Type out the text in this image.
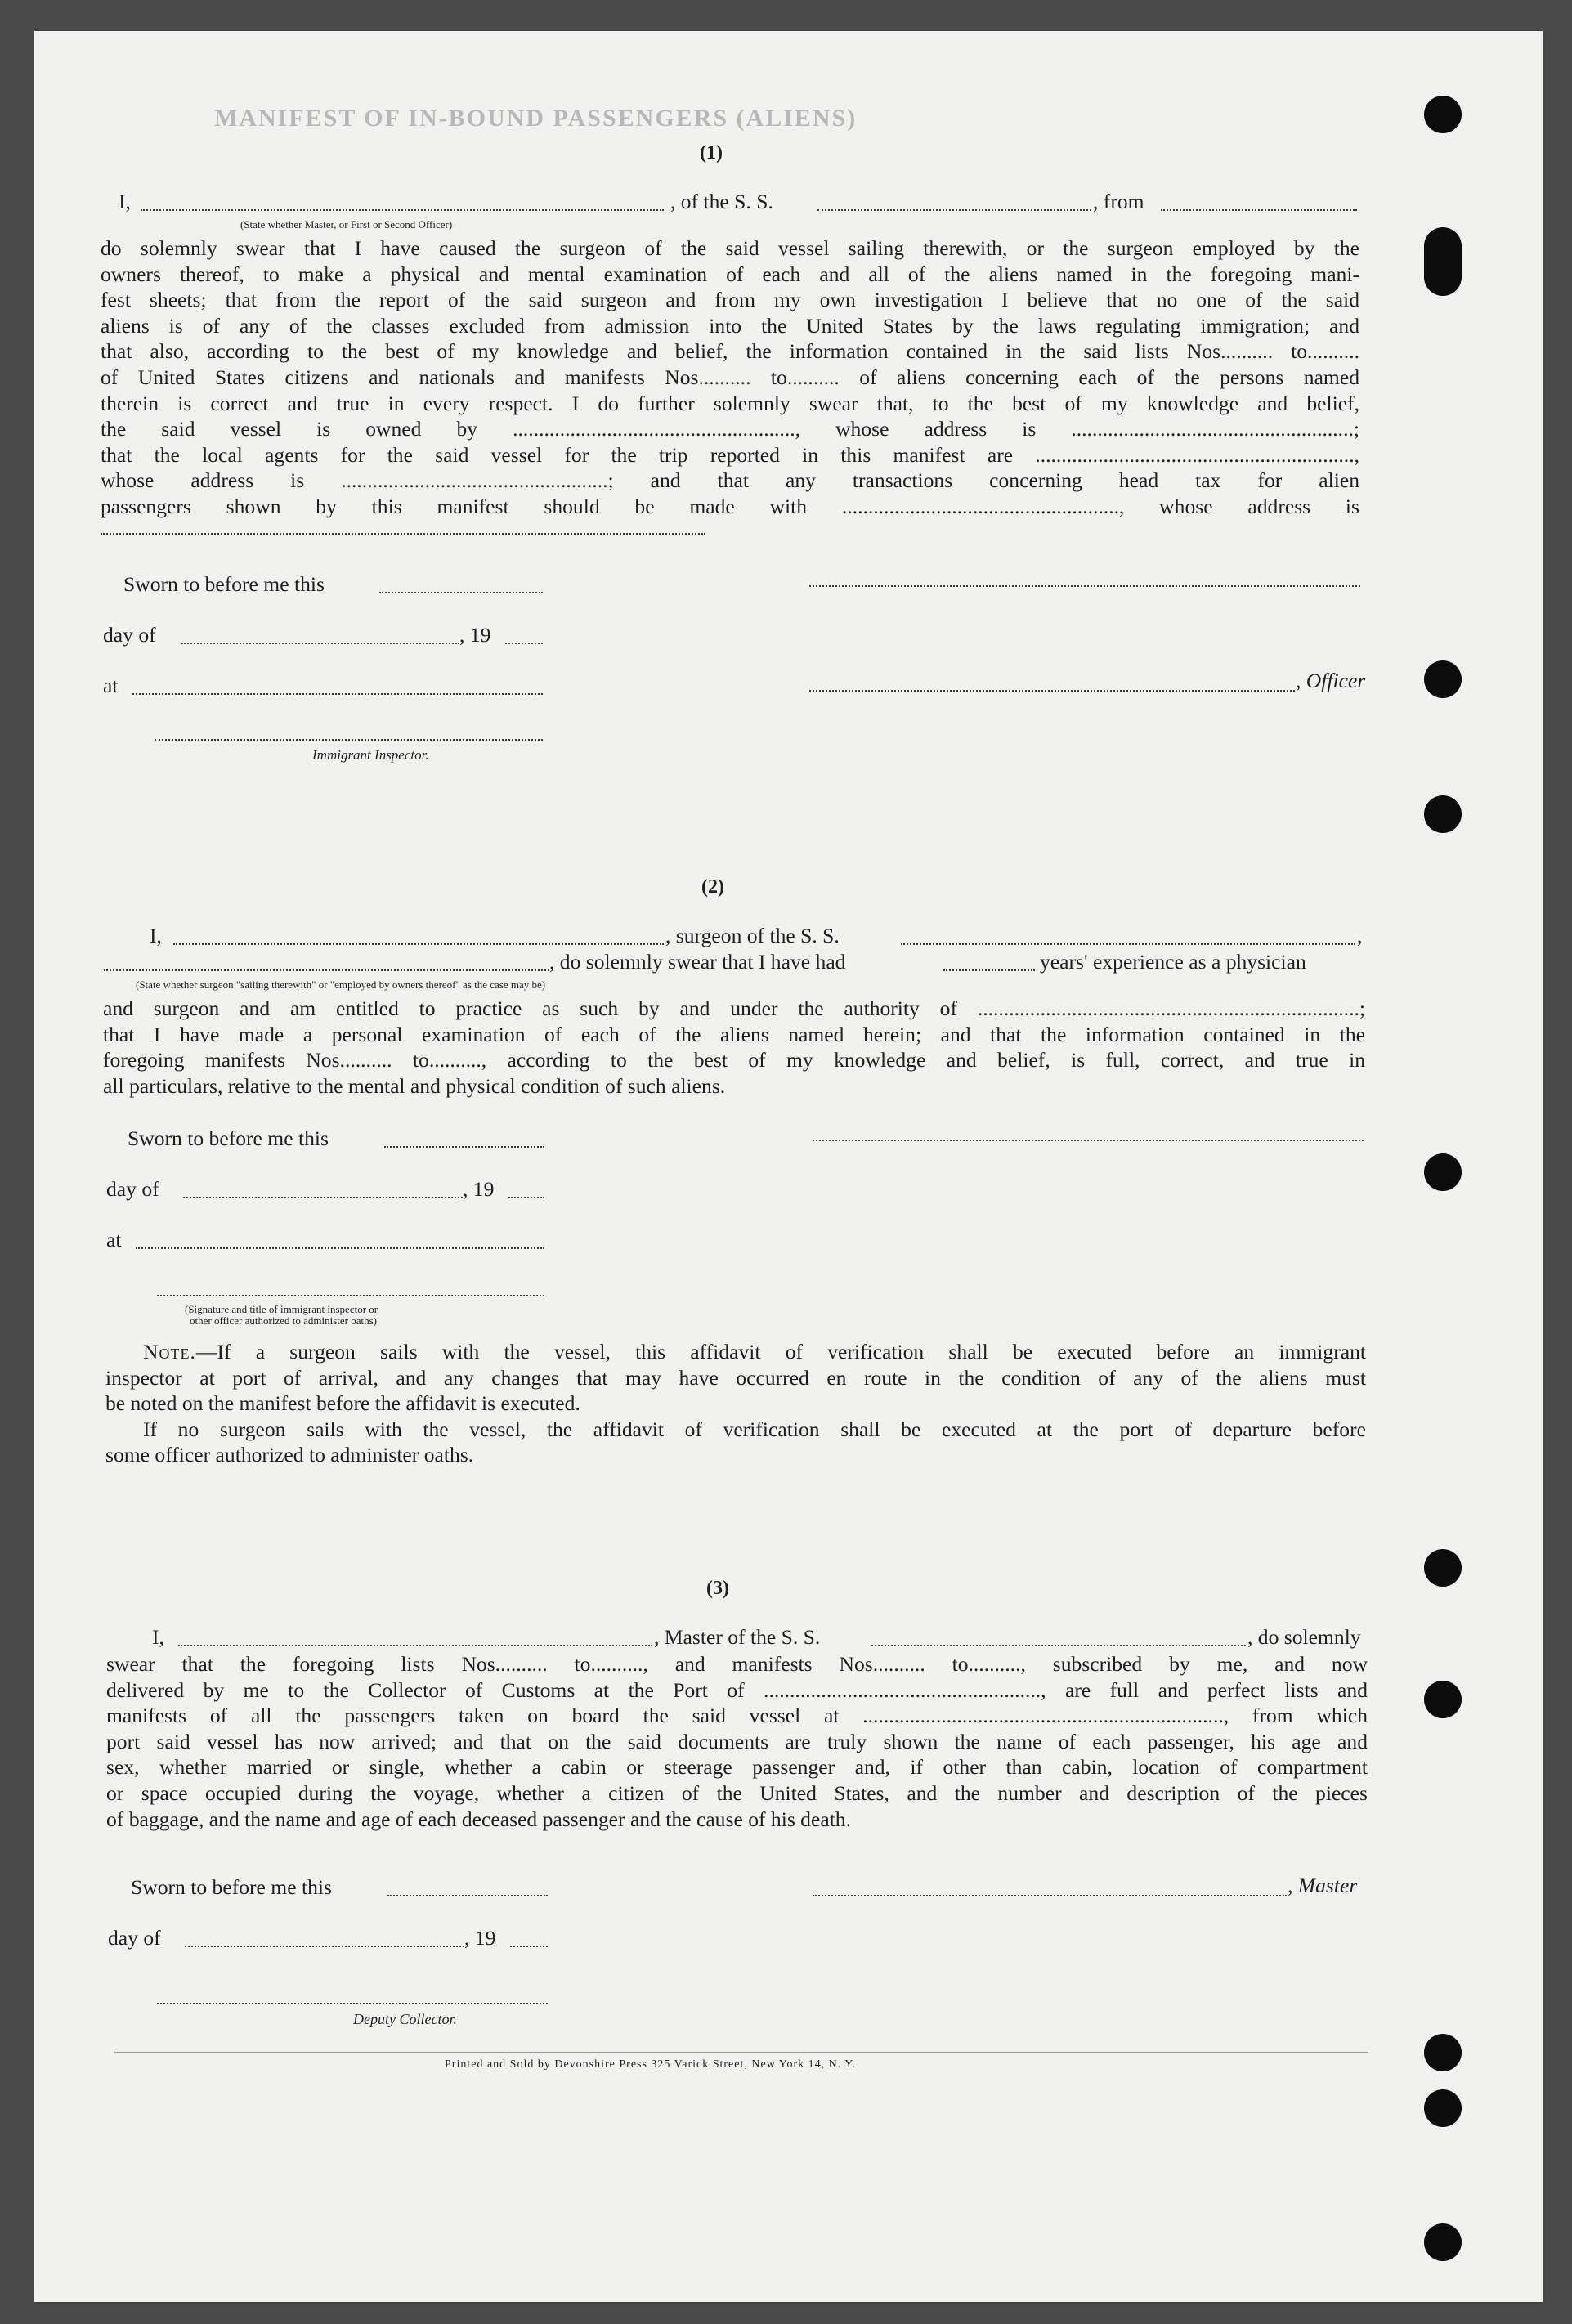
MANIFEST OF IN-BOUND PASSENGERS (ALIENS)
(1)
I,	, of the S. S.	, from
(State whether Master, or First or Second Officer)
do solemnly swear that I have caused the surgeon of the said vessel sailing therewith, or the surgeon employed by the
owners thereof, to make a physical and mental examination of each and all of the aliens named in the foregoing mani-
fest sheets; that from the report of the said surgeon and from my own investigation I believe that no one of the said
aliens is of any of the classes excluded from admission into the United States by the laws regulating immigration; and
that also, according to the best of my knowledge and belief, the information contained in the said lists Nos.......... to..........
of United States citizens and nationals and manifests Nos.......... to.......... of aliens concerning each of the persons named
therein is correct and true in every respect. I do further solemnly swear that, to the best of my knowledge and belief,
the said vessel is owned by ......................................................, whose address is ......................................................;
that the local agents for the said vessel for the trip reported in this manifest are .............................................................,
whose address is ...................................................; and that any transactions concerning head tax for alien
passengers shown by this manifest should be made with ....................................................., whose address is
Sworn to before me this
day of	, 19
at	, Officer
Immigrant Inspector.
(2)
I,	, surgeon of the S. S.	,
, do solemnly swear that I have had	years' experience as a physician
(State whether surgeon "sailing therewith" or "employed by owners thereof" as the case may be)
and surgeon and am entitled to practice as such by and under the authority of .........................................................................;
that I have made a personal examination of each of the aliens named herein; and that the information contained in the
foregoing manifests Nos.......... to.........., according to the best of my knowledge and belief, is full, correct, and true in
all particulars, relative to the mental and physical condition of such aliens.
Sworn to before me this
day of	, 19
at
(Signature and title of immigrant inspector or
other officer authorized to administer oaths)
Note.—If a surgeon sails with the vessel, this affidavit of verification shall be executed before an immigrant
inspector at port of arrival, and any changes that may have occurred en route in the condition of any of the aliens must
be noted on the manifest before the affidavit is executed.
If no surgeon sails with the vessel, the affidavit of verification shall be executed at the port of departure before
some officer authorized to administer oaths.
(3)
I,	, Master of the S. S.	, do solemnly
swear that the foregoing lists Nos.......... to.........., and manifests Nos.......... to.........., subscribed by me, and now
delivered by me to the Collector of Customs at the Port of ....................................................., are full and perfect lists and
manifests of all the passengers taken on board the said vessel at ....................................................................., from which
port said vessel has now arrived; and that on the said documents are truly shown the name of each passenger, his age and
sex, whether married or single, whether a cabin or steerage passenger and, if other than cabin, location of compartment
or space occupied during the voyage, whether a citizen of the United States, and the number and description of the pieces
of baggage, and the name and age of each deceased passenger and the cause of his death.
Sworn to before me this	, Master
day of	, 19
Deputy Collector.
Printed and Sold by Devonshire Press 325 Varick Street, New York 14, N. Y.
